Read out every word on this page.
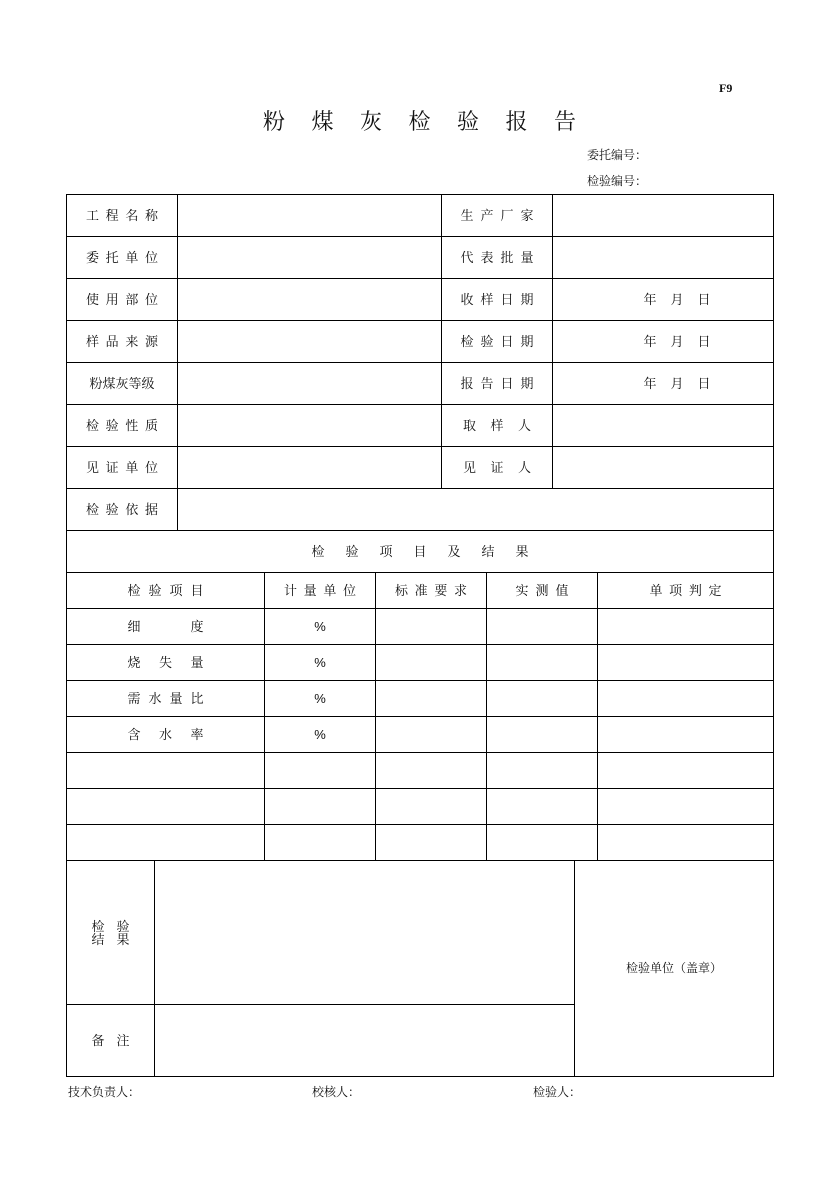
F9
粉 煤 灰 检 验 报 告
委托编号：
检验编号：
工 程 名 称	生 产 厂 家
委 托 单 位	代 表 批 量
使 用 部 位	收 样 日 期	年 月 日
样 品 来 源	检 验 日 期	年 月 日
粉煤灰等级	报 告 日 期	年 月 日
检 验 性 质	取 样 人
见 证 单 位	见 证 人
检 验 依 据
检 验 项 目 及 结 果
检 验 项 目	计 量 单 位	标 准 要 求	实 测 值	单 项 判 定
细 度	%
烧 失 量	%
需 水 量 比	%
含 水 率	%
检 验
结 果
检验单位（盖章）
备 注
技术负责人：	校核人：	检验人：
